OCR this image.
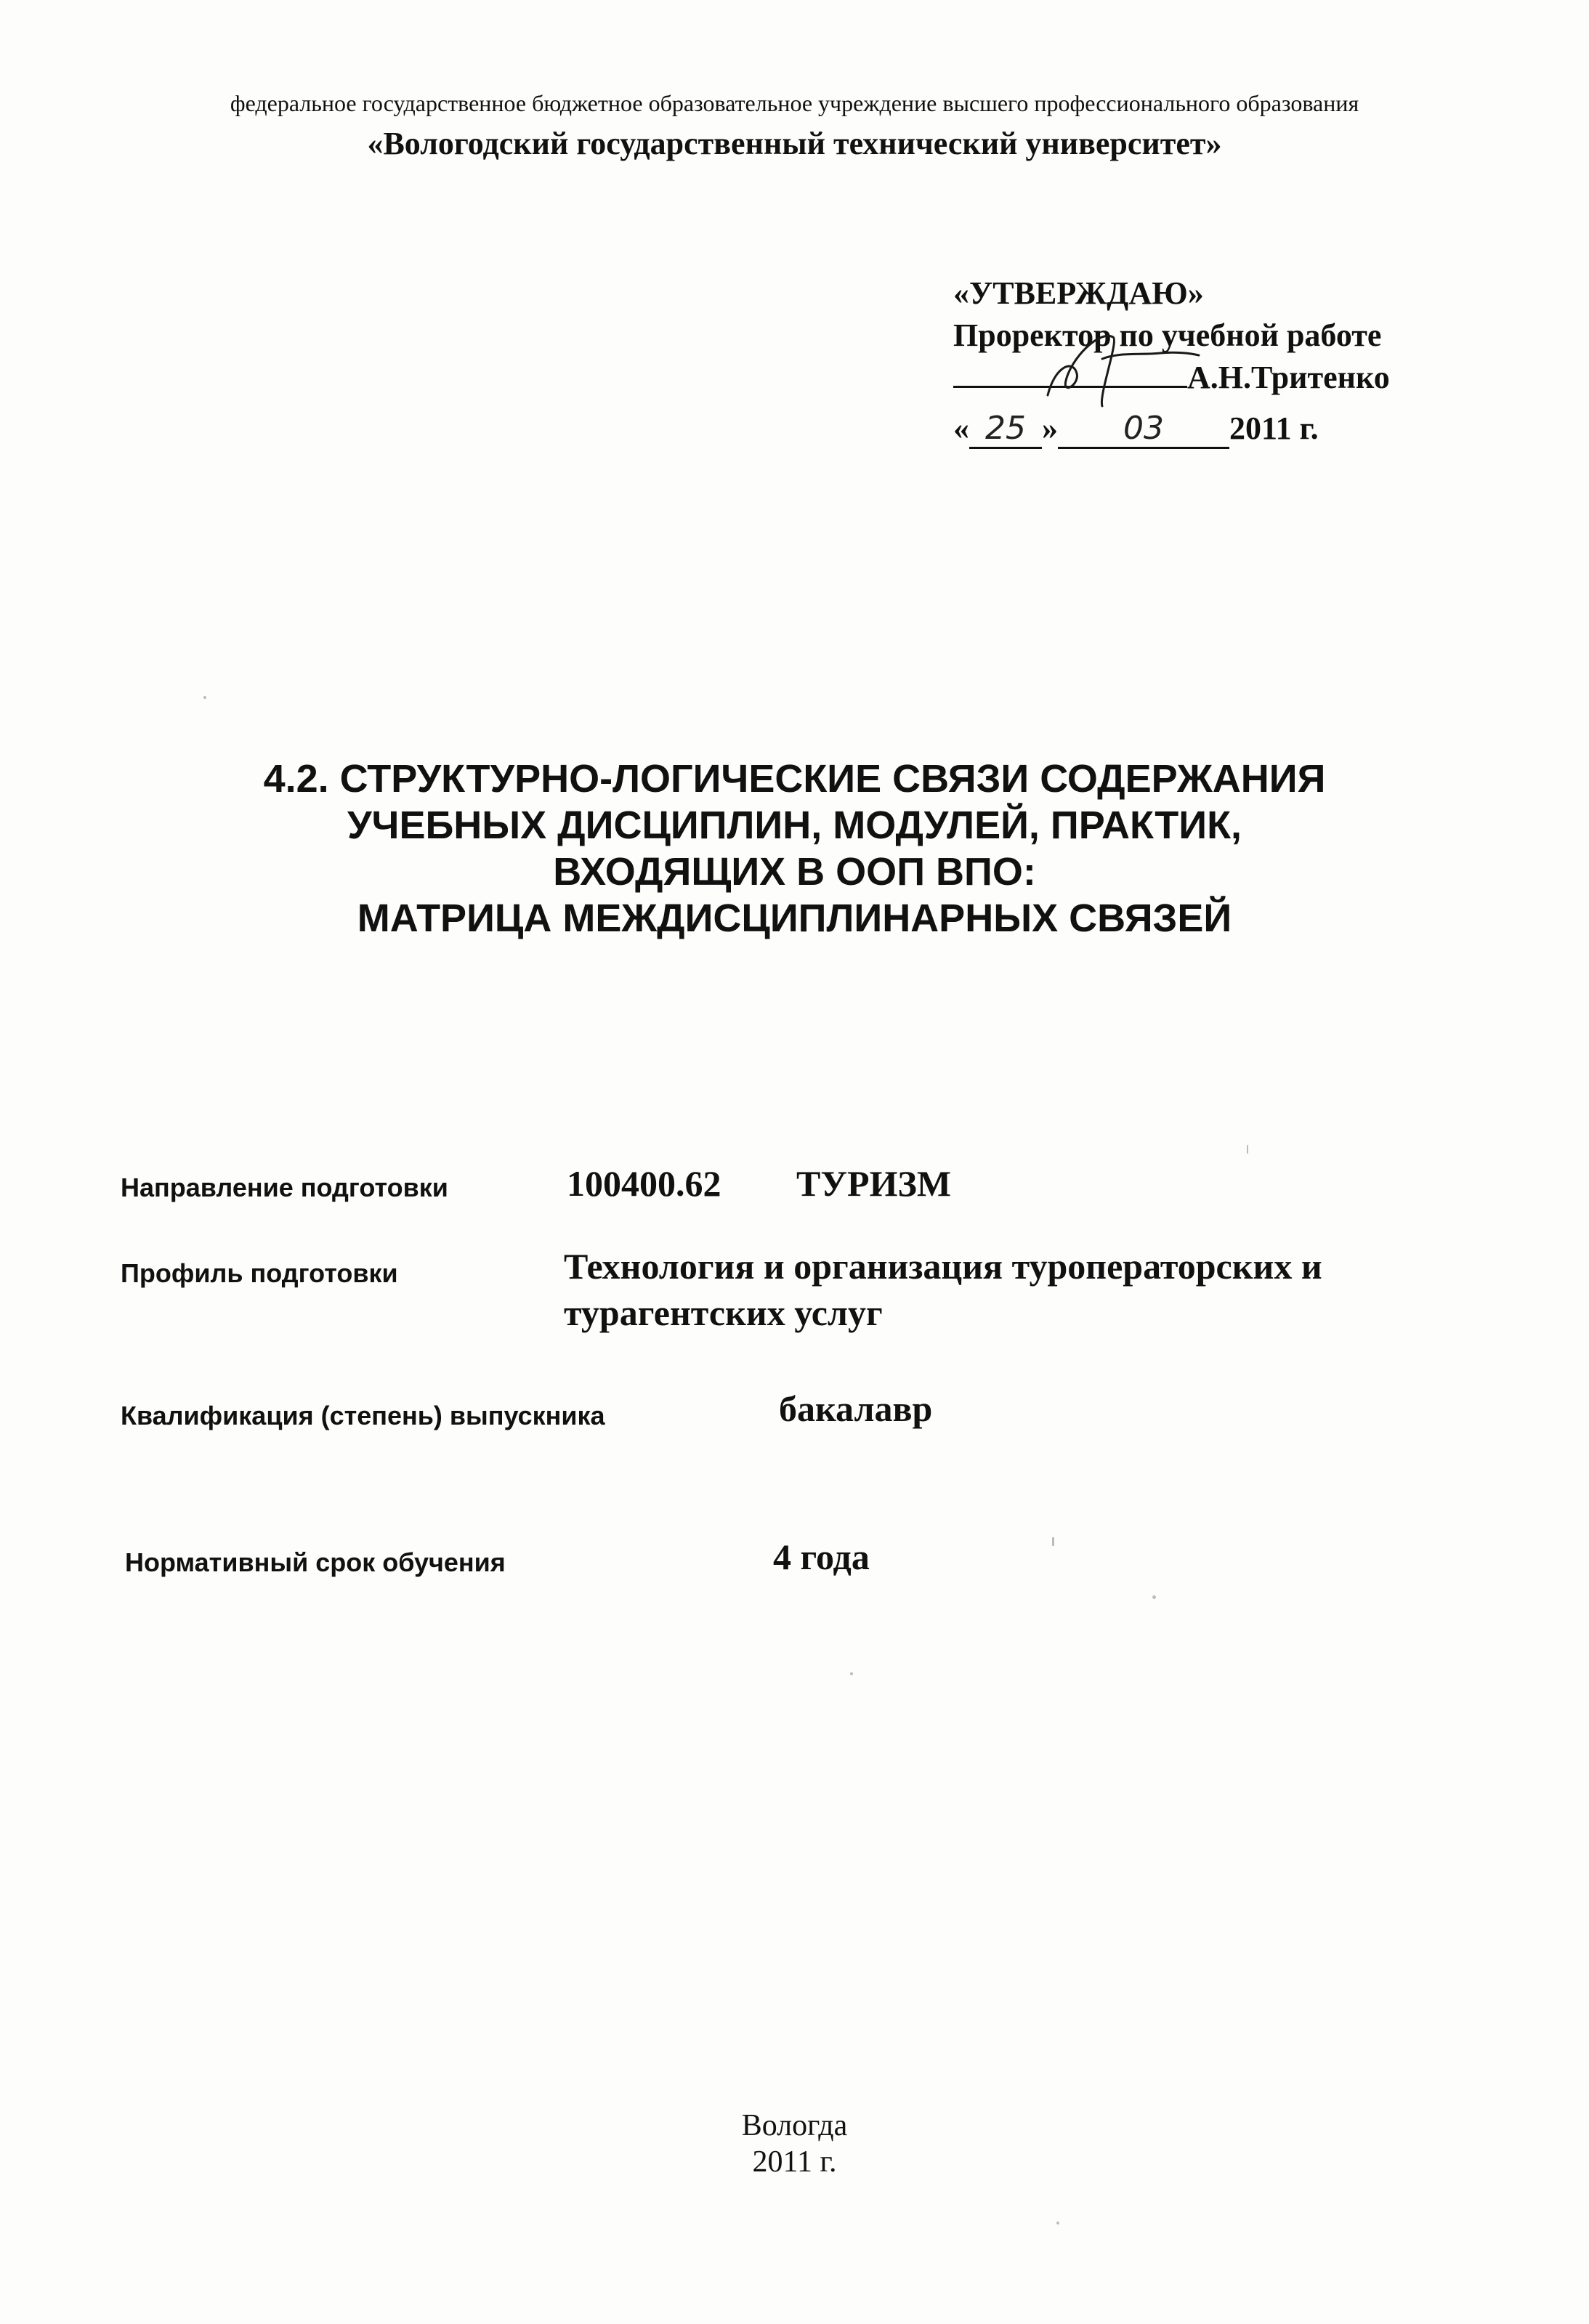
федеральное государственное бюджетное образовательное учреждение высшего профессионального образования
«Вологодский государственный технический университет»
«УТВЕРЖДАЮ»
Проректор по учебной работе
А.Н.Тритенко
« 25 » 03 2011 г.
4.2. СТРУКТУРНО-ЛОГИЧЕСКИЕ СВЯЗИ СОДЕРЖАНИЯ
УЧЕБНЫХ ДИСЦИПЛИН, МОДУЛЕЙ, ПРАКТИК,
ВХОДЯЩИХ В ООП ВПО:
МАТРИЦА МЕЖДИСЦИПЛИНАРНЫХ СВЯЗЕЙ
Направление подготовки	100400.62 ТУРИЗМ
Профиль подготовки	Технология и организация туроператорских и
турагентских услуг
Квалификация (степень) выпускника	бакалавр
Нормативный срок обучения	4 года
Вологда
2011 г.
